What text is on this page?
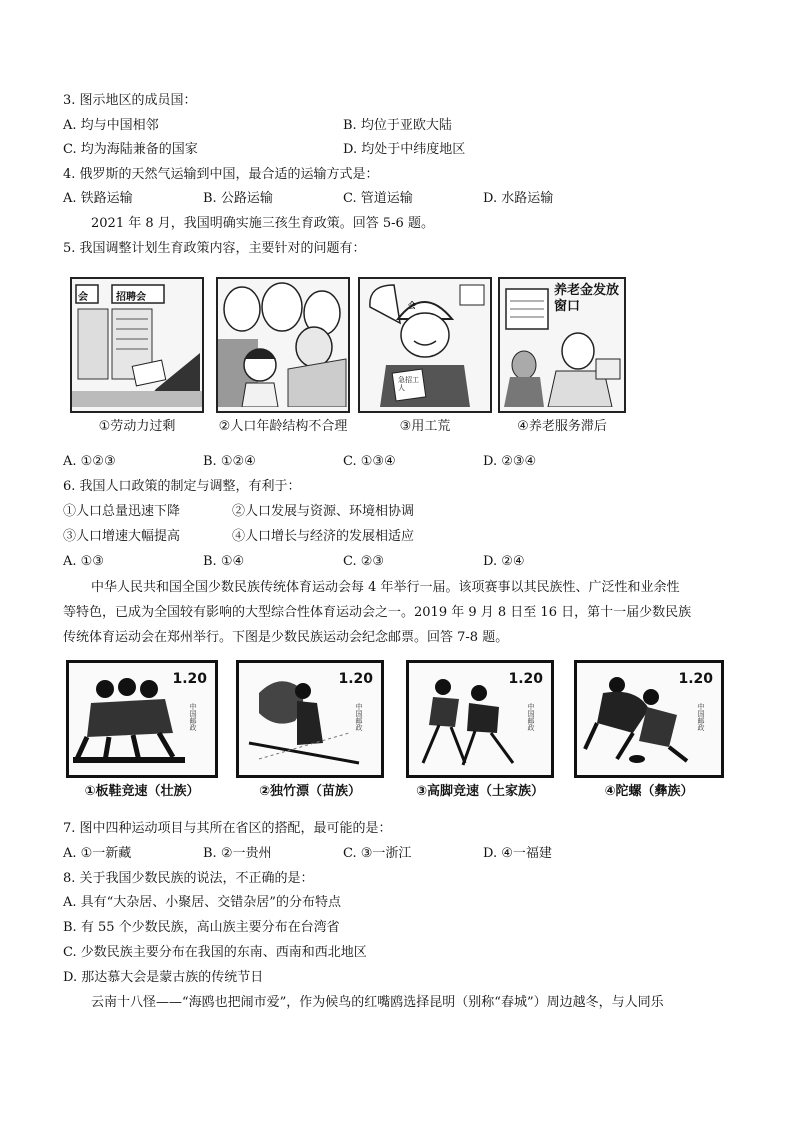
3. 图示地区的成员国：
A. 均与中国相邻	B. 均位于亚欧大陆
C. 均为海陆兼备的国家	D. 均处于中纬度地区
4. 俄罗斯的天然气运输到中国，最合适的运输方式是：
A. 铁路运输	B. 公路运输	C. 管道运输	D. 水路运输
2021 年 8 月，我国明确实施三孩生育政策。回答 5-6 题。
5. 我国调整计划生育政策内容，主要针对的问题有：
会	招聘会
①劳动力过剩	②人口年龄结构不合理
会
急招工人
③用工荒
养老金发放窗口
④养老服务滞后
A. ①②③	B. ①②④	C. ①③④	D. ②③④
6. 我国人口政策的制定与调整，有利于：
①人口总量迅速下降	②人口发展与资源、环境相协调
③人口增速大幅提高	④人口增长与经济的发展相适应
A. ①③	B. ①④	C. ②③	D. ②④
中华人民共和国全国少数民族传统体育运动会每 4 年举行一届。该项赛事以其民族性、广泛性和业余性
等特色，已成为全国较有影响的大型综合性体育运动会之一。2019 年 9 月 8 日至 16 日，第十一届少数民族
传统体育运动会在郑州举行。下图是少数民族运动会纪念邮票。回答 7-8 题。
中国邮政
1.20
①板鞋竞速（壮族）
中国邮政
1.20
②独竹漂（苗族）
中国邮政
1.20
③高脚竞速（土家族）
中国邮政
1.20
④陀螺（彝族）
7. 图中四种运动项目与其所在省区的搭配，最可能的是：
A. ①一新藏	B. ②一贵州	C. ③一浙江	D. ④一福建
8. 关于我国少数民族的说法，不正确的是：
A. 具有“大杂居、小聚居、交错杂居”的分布特点
B. 有 55 个少数民族，高山族主要分布在台湾省
C. 少数民族主要分布在我国的东南、西南和西北地区
D. 那达慕大会是蒙古族的传统节日
云南十八怪——“海鸥也把闹市爱”，作为候鸟的红嘴鸥选择昆明（别称“春城”）周边越冬，与人同乐
